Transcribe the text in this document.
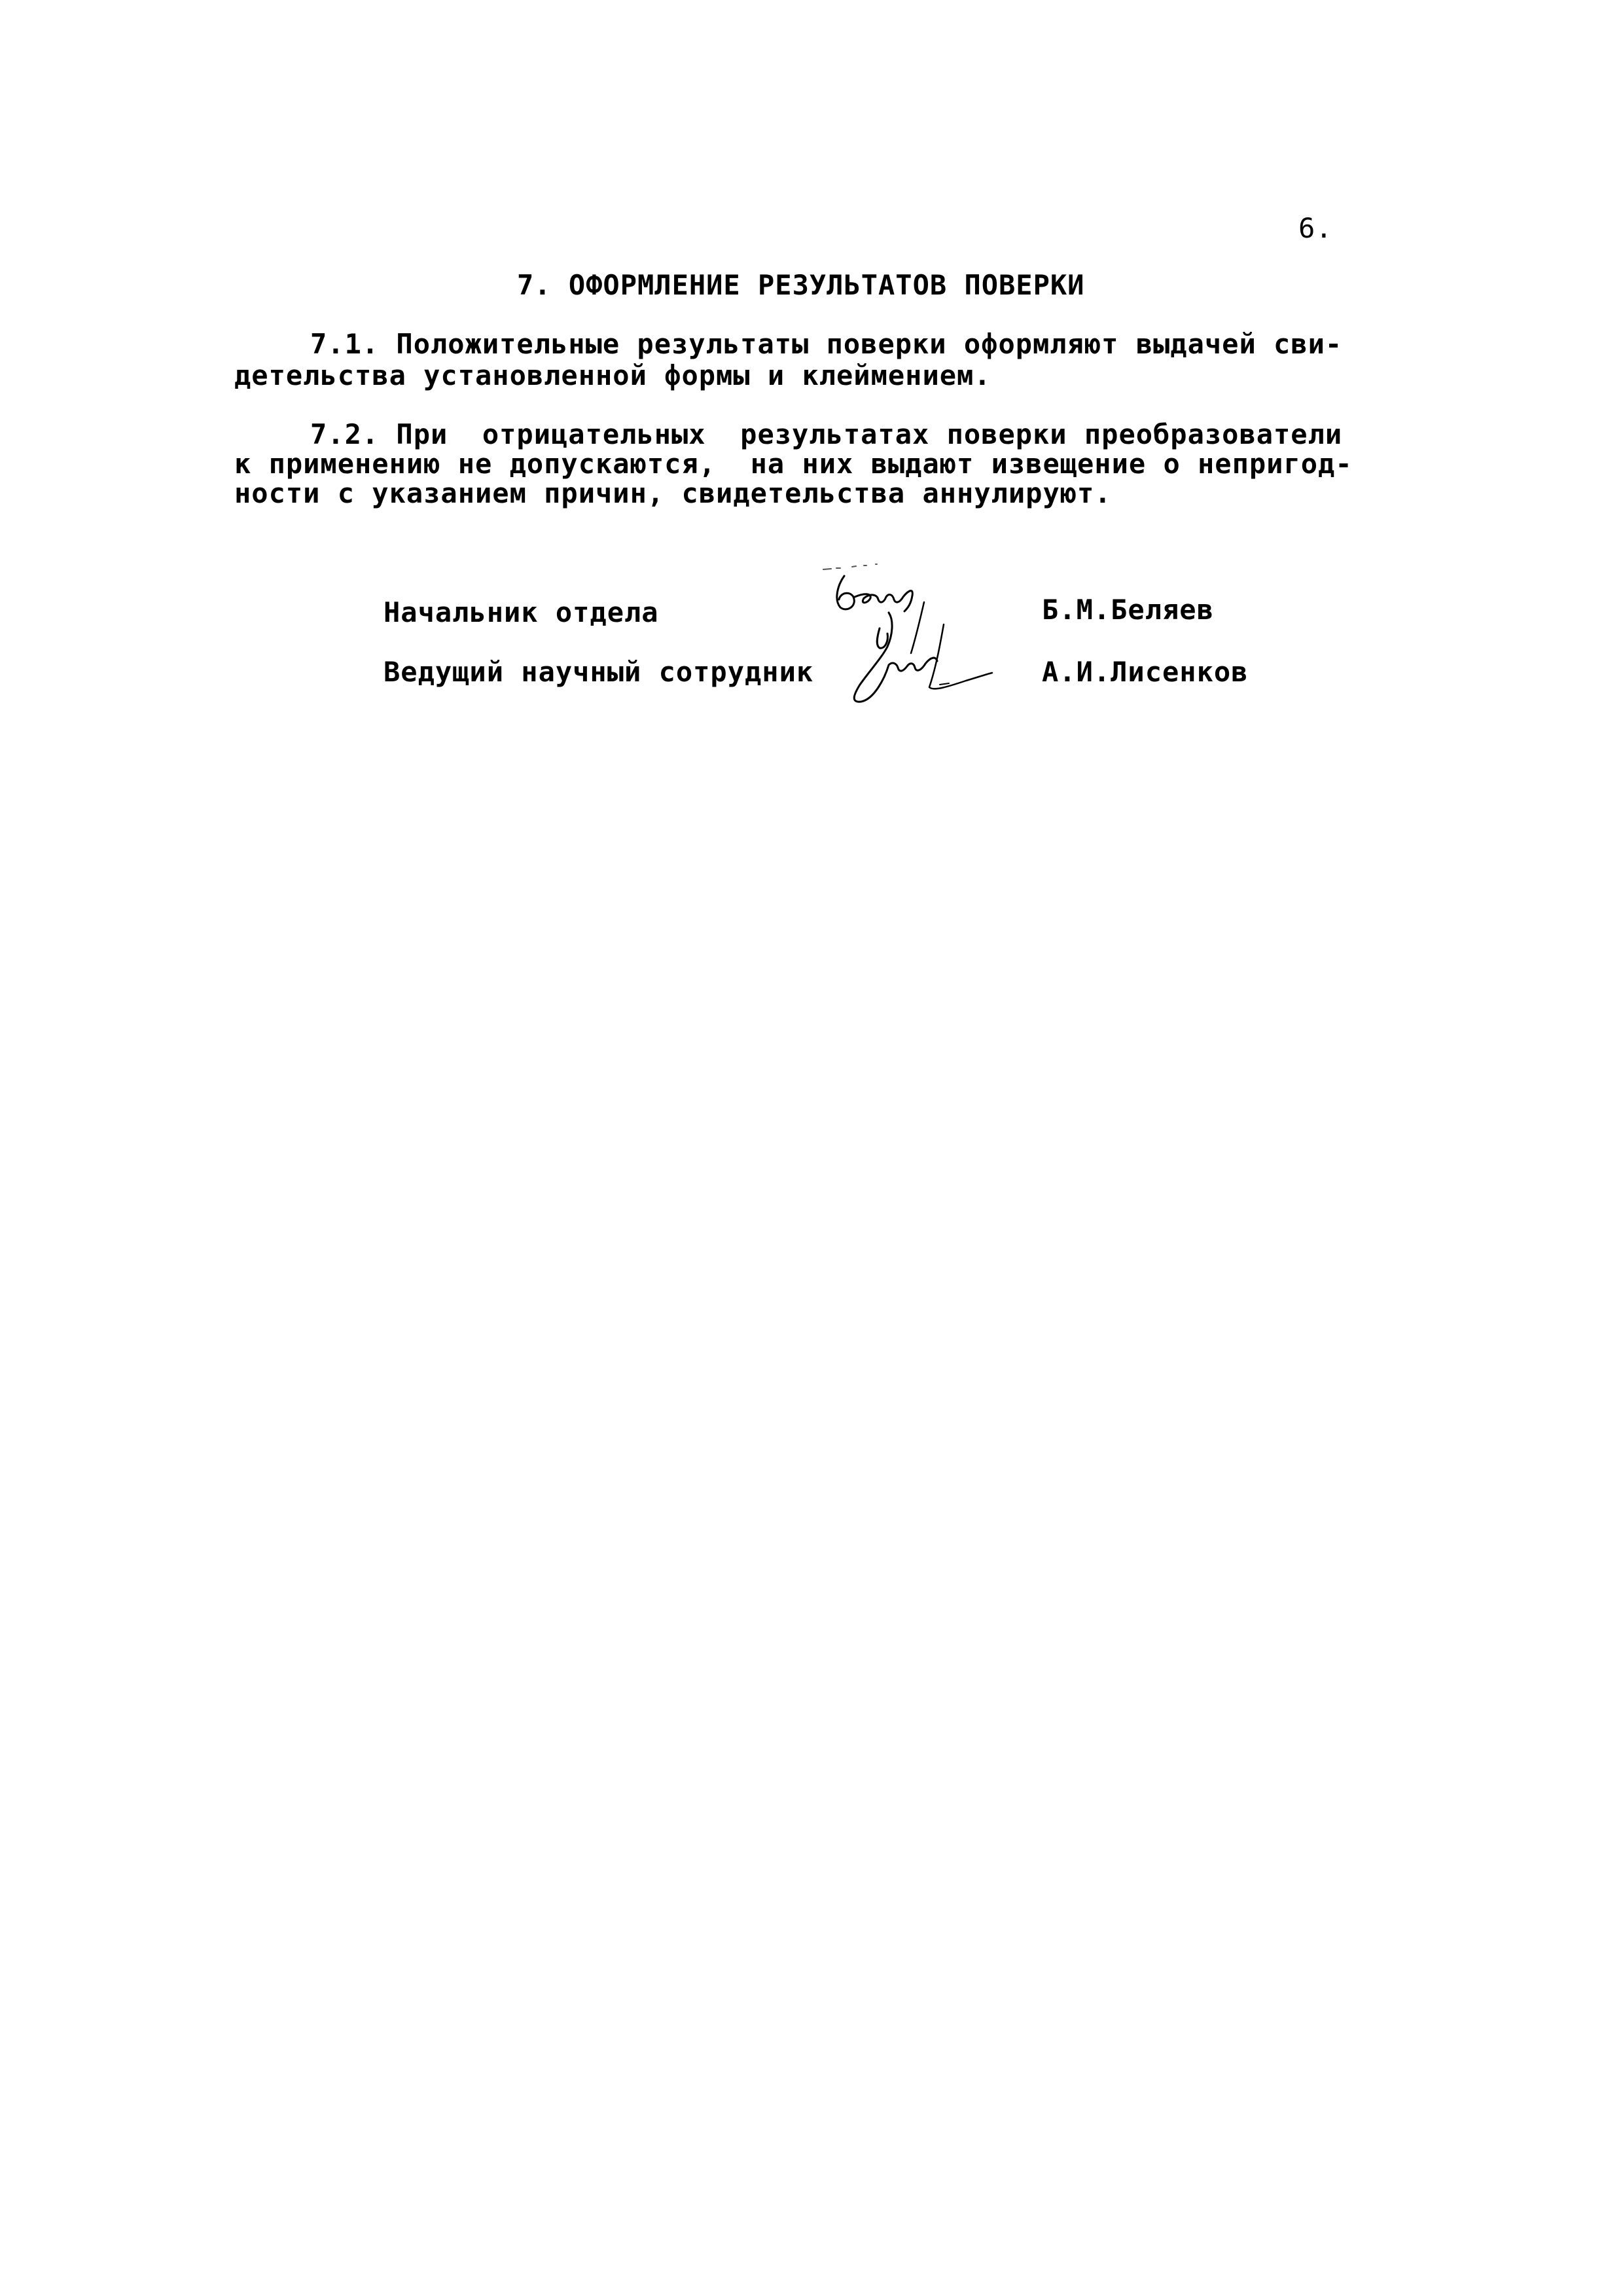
6.
7. ОФОРМЛЕНИЕ РЕЗУЛЬТАТОВ ПОВЕРКИ
7.1. Положительные результаты поверки оформляют выдачей сви-
детельства установленной формы и клеймением.
7.2. При  отрицательных  результатах поверки преобразователи
к применению не допускаются,  на них выдают извещение о непригод-
ности с указанием причин, свидетельства аннулируют.
Начальник отдела	Б.М.Беляев
Ведущий научный сотрудник	А.И.Лисенков
